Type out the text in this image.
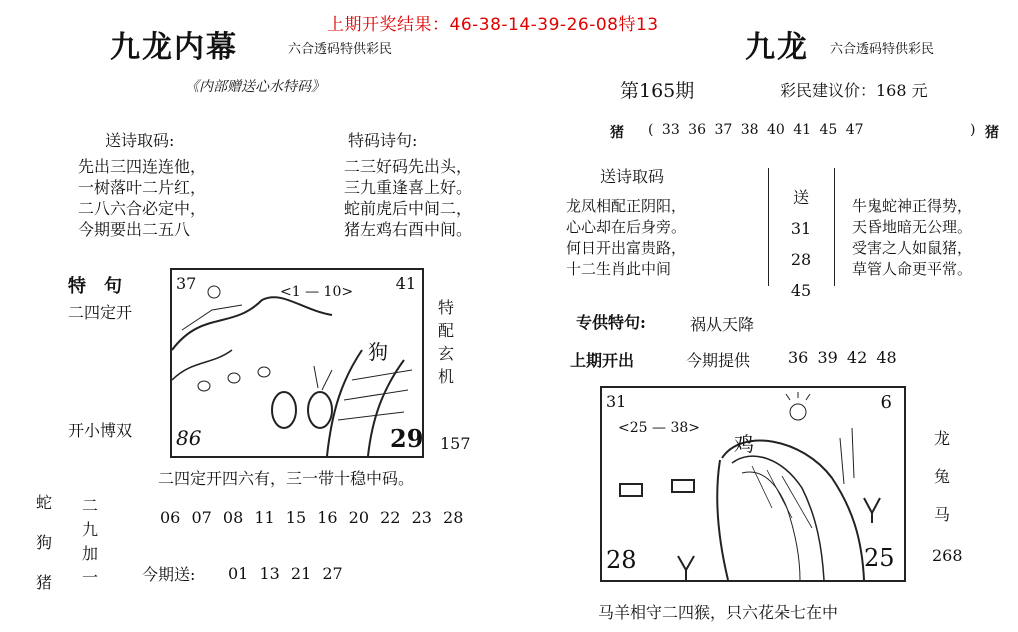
上期开奖结果：46-38-14-39-26-08特13
九龙内幕	六合透码特供彩民
《内部赠送心水特码》
送诗取码:
先出三四连连他，
一树落叶二片红，
二八六合必定中，
今期要出二五八
特码诗句:
二三好码先出头，
三九重逢喜上好。
蛇前虎后中间二，
猪左鸡右酉中间。
特　句
二四定开
开小博双
37	41
<1 — 10>
狗
86	29
特配玄机
157
二四定开四六有，三一带十稳中码。
蛇
狗
猪
二
九
加
一
06 07 08 11 15 16 20 22 23 28
今期送: 01 13 21 27
九龙 六合透码特供彩民
第165期	彩民建议价：168 元
猪 ( 33 36 37 38 40 41 45 47	) 猪
送诗取码
龙凤相配正阴阳，
心心却在后身旁。
何日开出富贵路，
十二生肖此中间
送
31
28
45
牛鬼蛇神正得势，
天昏地暗无公理。
受害之人如鼠猪，
草管人命更平常。
专供特句:	祸从天降
上期开出	今期提供 36 39 42 48
31	6
<25 — 38>
鸡
28	25
龙
兔
马
268
马羊相守二四猴，只六花朵七在中
